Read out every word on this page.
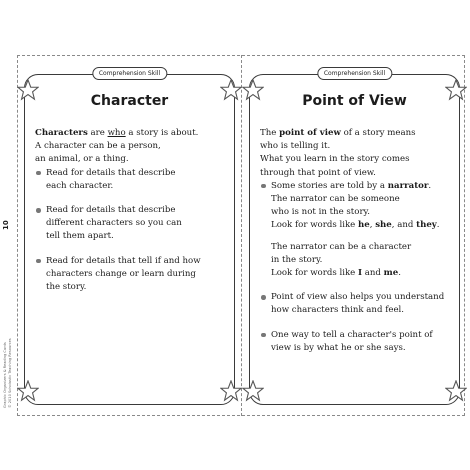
10
Graphic Organizers & Reading Cards © 2010 Scholastic Teaching Resources
Comprehension Skill
Character

Characters are who a story is about.
A character can be a person,
an animal, or a thing.

Read for details that describe
each character.
Read for details that describe
different characters so you can
tell them apart.
Read for details that tell if and how
characters change or learn during
the story.
Comprehension Skill
Point of View

The point of view of a story means
who is telling it.
What you learn in the story comes
through that point of view.

Some stories are told by a narrator.
The narrator can be someone
who is not in the story.
Look for words like he, she, and they.
The narrator can be a character
in the story.
Look for words like I and me.
Point of view also helps you understand
how characters think and feel.
One way to tell a character's point of
view is by what he or she says.
